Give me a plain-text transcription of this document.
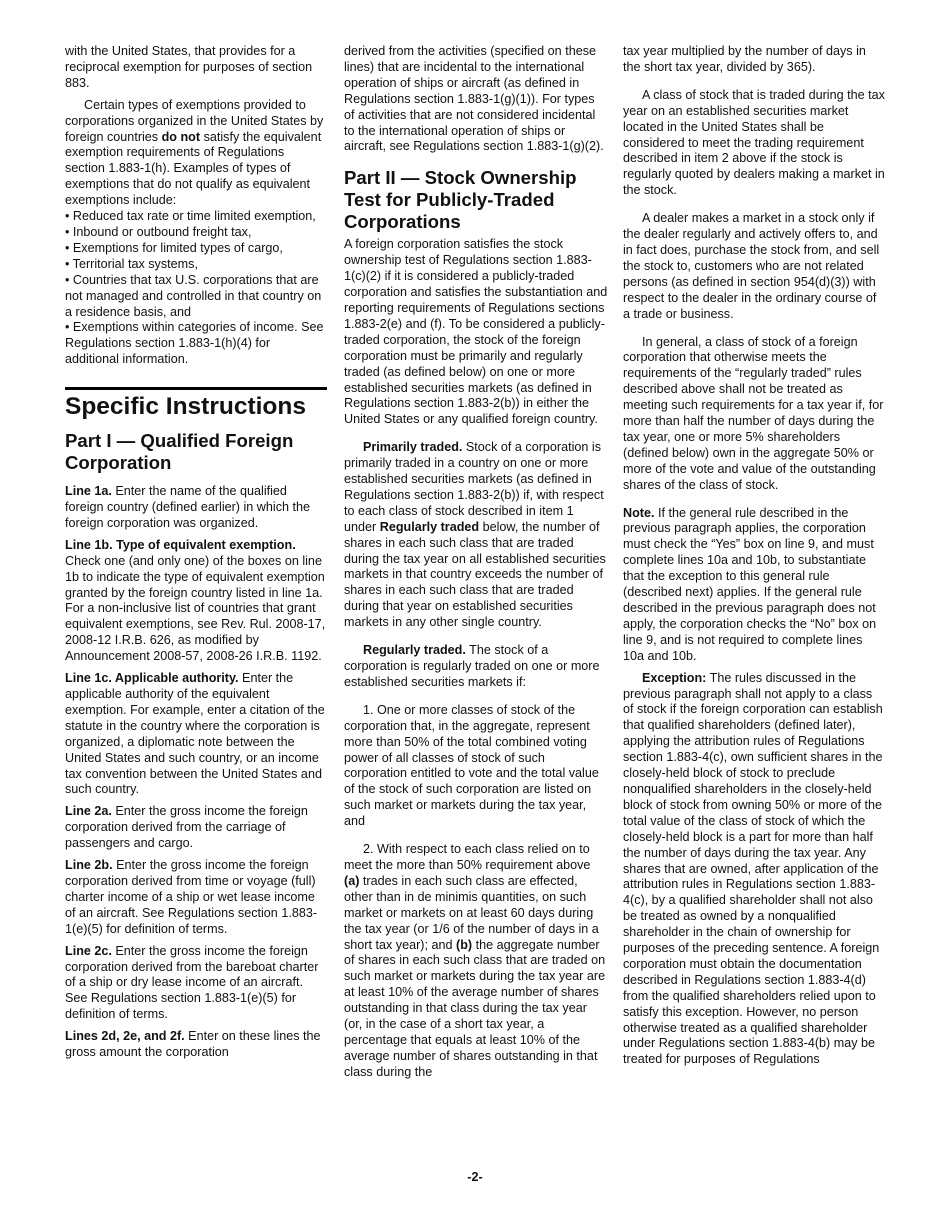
with the United States, that provides for a reciprocal exemption for purposes of section 883.

Certain types of exemptions provided to corporations organized in the United States by foreign countries do not satisfy the equivalent exemption requirements of Regulations section 1.883-1(h). Examples of types of exemptions that do not qualify as equivalent exemptions include:

• Reduced tax rate or time limited exemption,

• Inbound or outbound freight tax,

• Exemptions for limited types of cargo,

• Territorial tax systems,

• Countries that tax U.S. corporations that are not managed and controlled in that country on a residence basis, and

• Exemptions within categories of income. See Regulations section 1.883-1(h)(4) for additional information.

Specific Instructions
Part I — Qualified Foreign Corporation

Line 1a. Enter the name of the qualified foreign country (defined earlier) in which the foreign corporation was organized.

Line 1b. Type of equivalent exemption. Check one (and only one) of the boxes on line 1b to indicate the type of equivalent exemption granted by the foreign country listed in line 1a. For a non-inclusive list of countries that grant equivalent exemptions, see Rev. Rul. 2008-17, 2008-12 I.R.B. 626, as modified by Announcement 2008-57, 2008-26 I.R.B. 1192.

Line 1c. Applicable authority. Enter the applicable authority of the equivalent exemption. For example, enter a citation of the statute in the country where the corporation is organized, a diplomatic note between the United States and such country, or an income tax convention between the United States and such country.

Line 2a. Enter the gross income the foreign corporation derived from the carriage of passengers and cargo.

Line 2b. Enter the gross income the foreign corporation derived from time or voyage (full) charter income of a ship or wet lease income of an aircraft. See Regulations section 1.883-1(e)(5) for definition of terms.

Line 2c. Enter the gross income the foreign corporation derived from the bareboat charter of a ship or dry lease income of an aircraft. See Regulations section 1.883-1(e)(5) for definition of terms.

Lines 2d, 2e, and 2f. Enter on these lines the gross amount the corporation

derived from the activities (specified on these lines) that are incidental to the international operation of ships or aircraft (as defined in Regulations section 1.883-1(g)(1)). For types of activities that are not considered incidental to the international operation of ships or aircraft, see Regulations section 1.883-1(g)(2).

Part II — Stock Ownership Test for Publicly-Traded Corporations

A foreign corporation satisfies the stock ownership test of Regulations section 1.883-1(c)(2) if it is considered a publicly-traded corporation and satisfies the substantiation and reporting requirements of Regulations sections 1.883-2(e) and (f). To be considered a publicly-traded corporation, the stock of the foreign corporation must be primarily and regularly traded (as defined below) on one or more established securities markets (as defined in Regulations section 1.883-2(b)) in either the United States or any qualified foreign country.

Primarily traded. Stock of a corporation is primarily traded in a country on one or more established securities markets (as defined in Regulations section 1.883-2(b)) if, with respect to each class of stock described in item 1 under Regularly traded below, the number of shares in each such class that are traded during the tax year on all established securities markets in that country exceeds the number of shares in each such class that are traded during that year on established securities markets in any other single country.

Regularly traded. The stock of a corporation is regularly traded on one or more established securities markets if:

1. One or more classes of stock of the corporation that, in the aggregate, represent more than 50% of the total combined voting power of all classes of stock of such corporation entitled to vote and the total value of the stock of such corporation are listed on such market or markets during the tax year, and

2. With respect to each class relied on to meet the more than 50% requirement above (a) trades in each such class are effected, other than in de minimis quantities, on such market or markets on at least 60 days during the tax year (or 1/6 of the number of days in a short tax year); and (b) the aggregate number of shares in each such class that are traded on such market or markets during the tax year are at least 10% of the average number of shares outstanding in that class during the tax year (or, in the case of a short tax year, a percentage that equals at least 10% of the average number of shares outstanding in that class during the

tax year multiplied by the number of days in the short tax year, divided by 365).

A class of stock that is traded during the tax year on an established securities market located in the United States shall be considered to meet the trading requirement described in item 2 above if the stock is regularly quoted by dealers making a market in the stock.

A dealer makes a market in a stock only if the dealer regularly and actively offers to, and in fact does, purchase the stock from, and sell the stock to, customers who are not related persons (as defined in section 954(d)(3)) with respect to the dealer in the ordinary course of a trade or business.

In general, a class of stock of a foreign corporation that otherwise meets the requirements of the “regularly traded” rules described above shall not be treated as meeting such requirements for a tax year if, for more than half the number of days during the tax year, one or more 5% shareholders (defined below) own in the aggregate 50% or more of the vote and value of the outstanding shares of the class of stock.

Note. If the general rule described in the previous paragraph applies, the corporation must check the “Yes” box on line 9, and must complete lines 10a and 10b, to substantiate that the exception to this general rule (described next) applies. If the general rule described in the previous paragraph does not apply, the corporation checks the “No” box on line 9, and is not required to complete lines 10a and 10b.

Exception: The rules discussed in the previous paragraph shall not apply to a class of stock if the foreign corporation can establish that qualified shareholders (defined later), applying the attribution rules of Regulations section 1.883-4(c), own sufficient shares in the closely-held block of stock to preclude nonqualified shareholders in the closely-held block of stock from owning 50% or more of the total value of the class of stock of which the closely-held block is a part for more than half the number of days during the tax year. Any shares that are owned, after application of the attribution rules in Regulations section 1.883-4(c), by a qualified shareholder shall not also be treated as owned by a nonqualified shareholder in the chain of ownership for purposes of the preceding sentence. A foreign corporation must obtain the documentation described in Regulations section 1.883-4(d) from the qualified shareholders relied upon to satisfy this exception. However, no person otherwise treated as a qualified shareholder under Regulations section 1.883-4(b) may be treated for purposes of Regulations

-2-
